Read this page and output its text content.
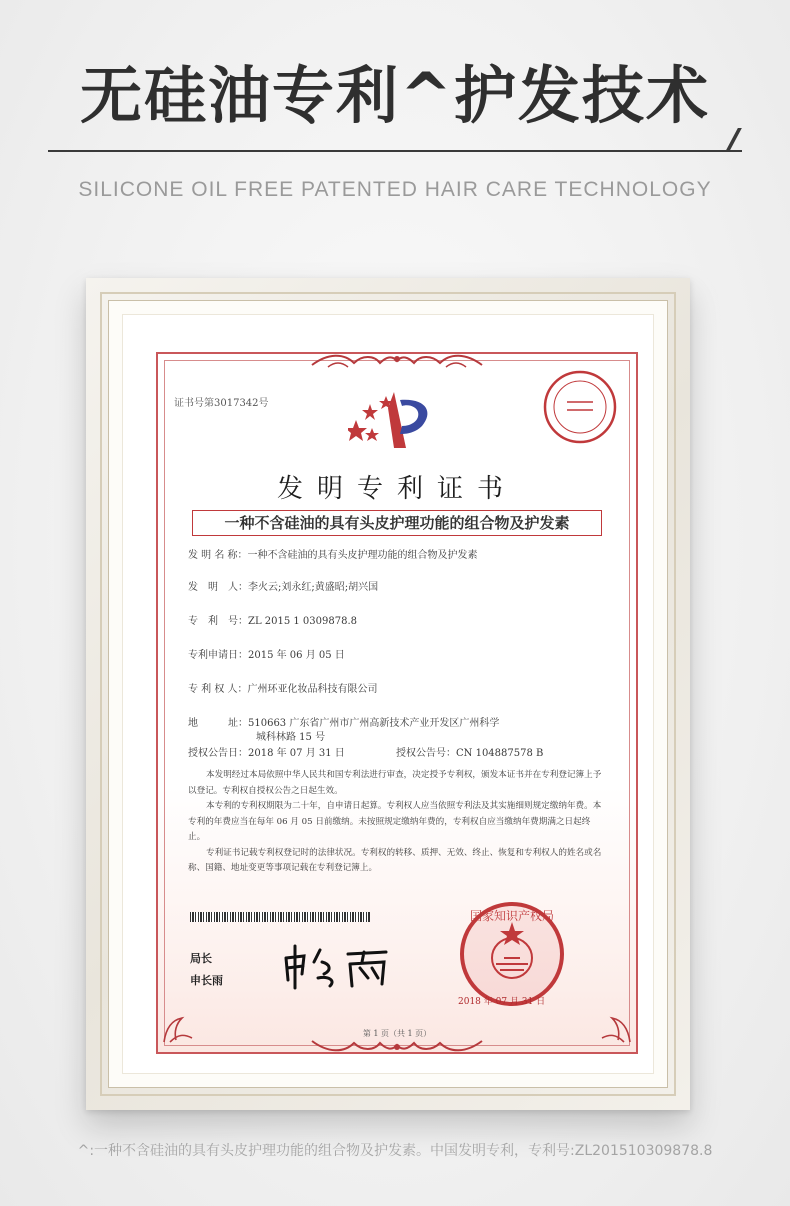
无硅油专利^护发技术
SILICONE OIL FREE PATENTED HAIR CARE TECHNOLOGY
证书号第3017342号
发明专利证书
一种不含硅油的具有头皮护理功能的组合物及护发素
发 明 名 称：一种不含硅油的具有头皮护理功能的组合物及护发素
发　明　人：李火云;刘永红;黄盛昭;胡兴国
专　利　号：ZL 2015 1 0309878.8
专利申请日：2015 年 06 月 05 日
专 利 权 人：广州环亚化妆品科技有限公司
地　　　址：510663 广东省广州市广州高新技术产业开发区广州科学
城科林路 15 号
授权公告日：2018 年 07 月 31 日	授权公告号：CN 104887578 B

本发明经过本局依照中华人民共和国专利法进行审查，决定授予专利权，颁发本证书并在专利登记簿上予以登记。专利权自授权公告之日起生效。

本专利的专利权期限为二十年，自申请日起算。专利权人应当依照专利法及其实施细则规定缴纳年费。本专利的年费应当在每年 06 月 05 日前缴纳。未按照规定缴纳年费的，专利权自应当缴纳年费期满之日起终止。

专利证书记载专利权登记时的法律状况。专利权的转移、质押、无效、终止、恢复和专利权人的姓名或名称、国籍、地址变更等事项记载在专利登记簿上。

局长
申长雨
国家知识产权局
2018 年 07 月 31 日
第 1 页（共 1 页）
^:一种不含硅油的具有头皮护理功能的组合物及护发素。中国发明专利，专利号:ZL201510309878.8
